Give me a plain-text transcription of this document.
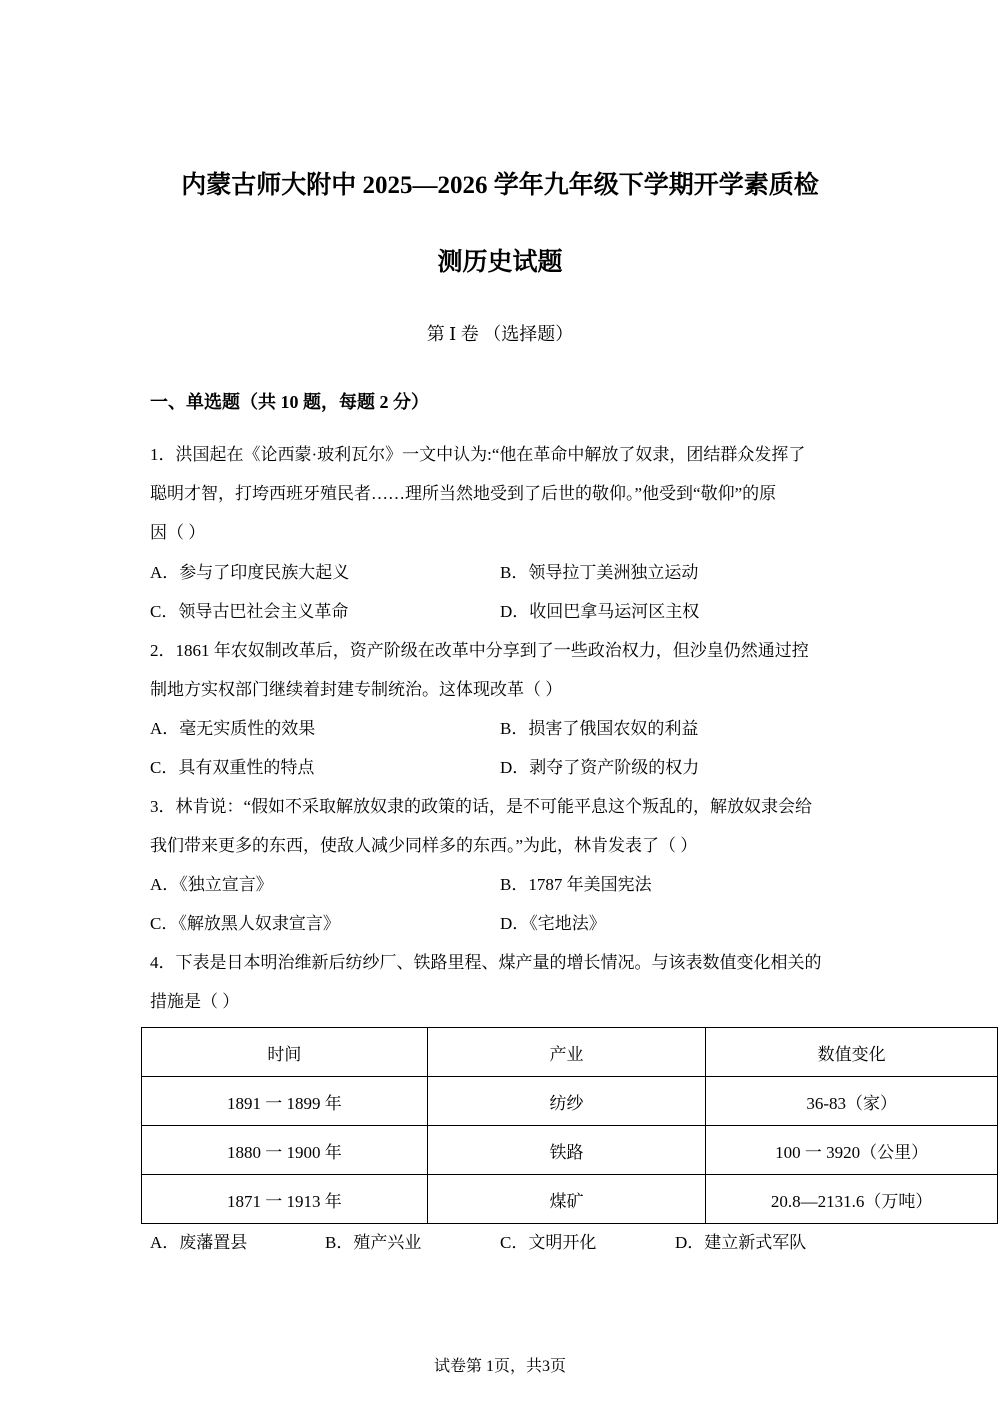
内蒙古师大附中 2025—2026 学年九年级下学期开学素质检
测历史试题
第 Ⅰ 卷 （选择题）
一、单选题（共 10 题，每题 2 分）
1．洪国起在《论西蒙·玻利瓦尔》一文中认为:“他在革命中解放了奴隶，团结群众发挥了
聪明才智，打垮西班牙殖民者……理所当然地受到了后世的敬仰。”他受到“敬仰”的原
因（ ）
A．参与了印度民族大起义	B．领导拉丁美洲独立运动
C．领导古巴社会主义革命	D．收回巴拿马运河区主权
2．1861 年农奴制改革后，资产阶级在改革中分享到了一些政治权力，但沙皇仍然通过控
制地方实权部门继续着封建专制统治。这体现改革（ ）
A．毫无实质性的效果	B．损害了俄国农奴的利益
C．具有双重性的特点	D．剥夺了资产阶级的权力
3．林肯说：“假如不采取解放奴隶的政策的话，是不可能平息这个叛乱的，解放奴隶会给
我们带来更多的东西，使敌人减少同样多的东西。”为此，林肯发表了（ ）
A．《独立宣言》	B．1787 年美国宪法
C．《解放黑人奴隶宣言》	D．《宅地法》
4．下表是日本明治维新后纺纱厂、铁路里程、煤产量的增长情况。与该表数值变化相关的
措施是（ ）
时间	产业	数值变化
1891 一 1899 年	纺纱	36-83（家）
1880 一 1900 年	铁路	100 一 3920（公里）
1871 一 1913 年	煤矿	20.8—2131.6（万吨）
A．废藩置县	B．殖产兴业	C．文明开化	D．建立新式军队
试卷第 1页，共3页
